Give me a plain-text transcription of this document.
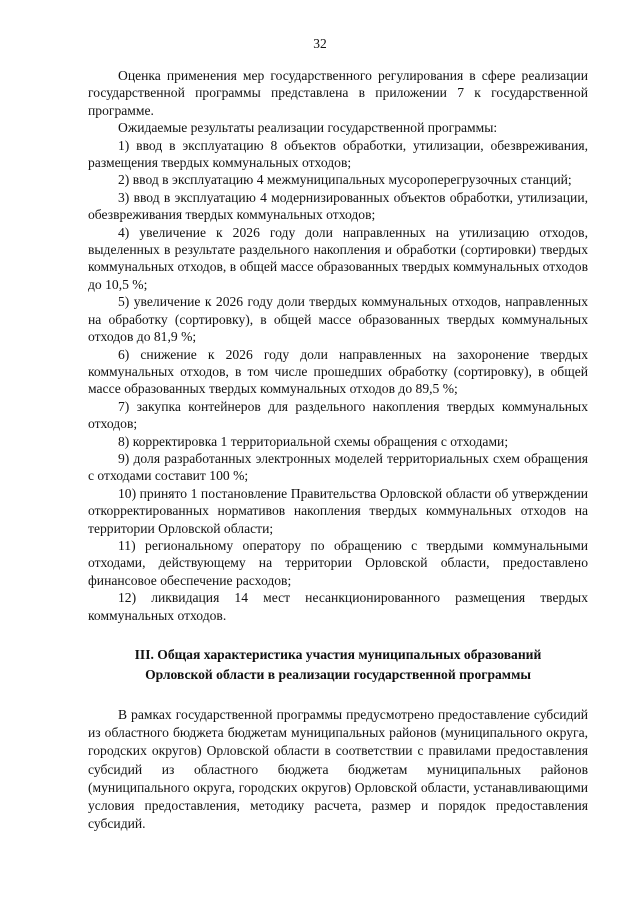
32

Оценка применения мер государственного регулирования в сфере реализации государственной программы представлена в приложении 7 к государственной программе.

Ожидаемые результаты реализации государственной программы:

1) ввод в эксплуатацию 8 объектов обработки, утилизации, обезвреживания, размещения твердых коммунальных отходов;

2) ввод в эксплуатацию 4 межмуниципальных мусороперегрузочных станций;

3) ввод в эксплуатацию 4 модернизированных объектов обработки, утилизации, обезвреживания твердых коммунальных отходов;

4) увеличение к 2026 году доли направленных на утилизацию отходов, выделенных в результате раздельного накопления и обработки (сортировки) твердых коммунальных отходов, в общей массе образованных твердых коммунальных отходов до 10,5 %;

5) увеличение к 2026 году доли твердых коммунальных отходов, направленных на обработку (сортировку), в общей массе образованных твердых коммунальных отходов до 81,9 %;

6) снижение к 2026 году доли направленных на захоронение твердых коммунальных отходов, в том числе прошедших обработку (сортировку), в общей массе образованных твердых коммунальных отходов до 89,5 %;

7) закупка контейнеров для раздельного накопления твердых коммунальных отходов;

8) корректировка 1 территориальной схемы обращения с отходами;

9) доля разработанных электронных моделей территориальных схем обращения с отходами составит 100 %;

10) принято 1 постановление Правительства Орловской области об утверждении откорректированных нормативов накопления твердых коммунальных отходов на территории Орловской области;

11) региональному оператору по обращению с твердыми коммунальными отходами, действующему на территории Орловской области, предоставлено финансовое обеспечение расходов;

12) ликвидация 14 мест несанкционированного размещения твердых коммунальных отходов.

III. Общая характеристика участия муниципальных образований
Орловской области в реализации государственной программы

В рамках государственной программы предусмотрено предоставление субсидий из областного бюджета бюджетам муниципальных районов (муниципального округа, городских округов) Орловской области в соответствии с правилами предоставления субсидий из областного бюджета бюджетам муниципальных районов (муниципального округа, городских округов) Орловской области, устанавливающими условия предоставления, методику расчета, размер и порядок предоставления субсидий.
